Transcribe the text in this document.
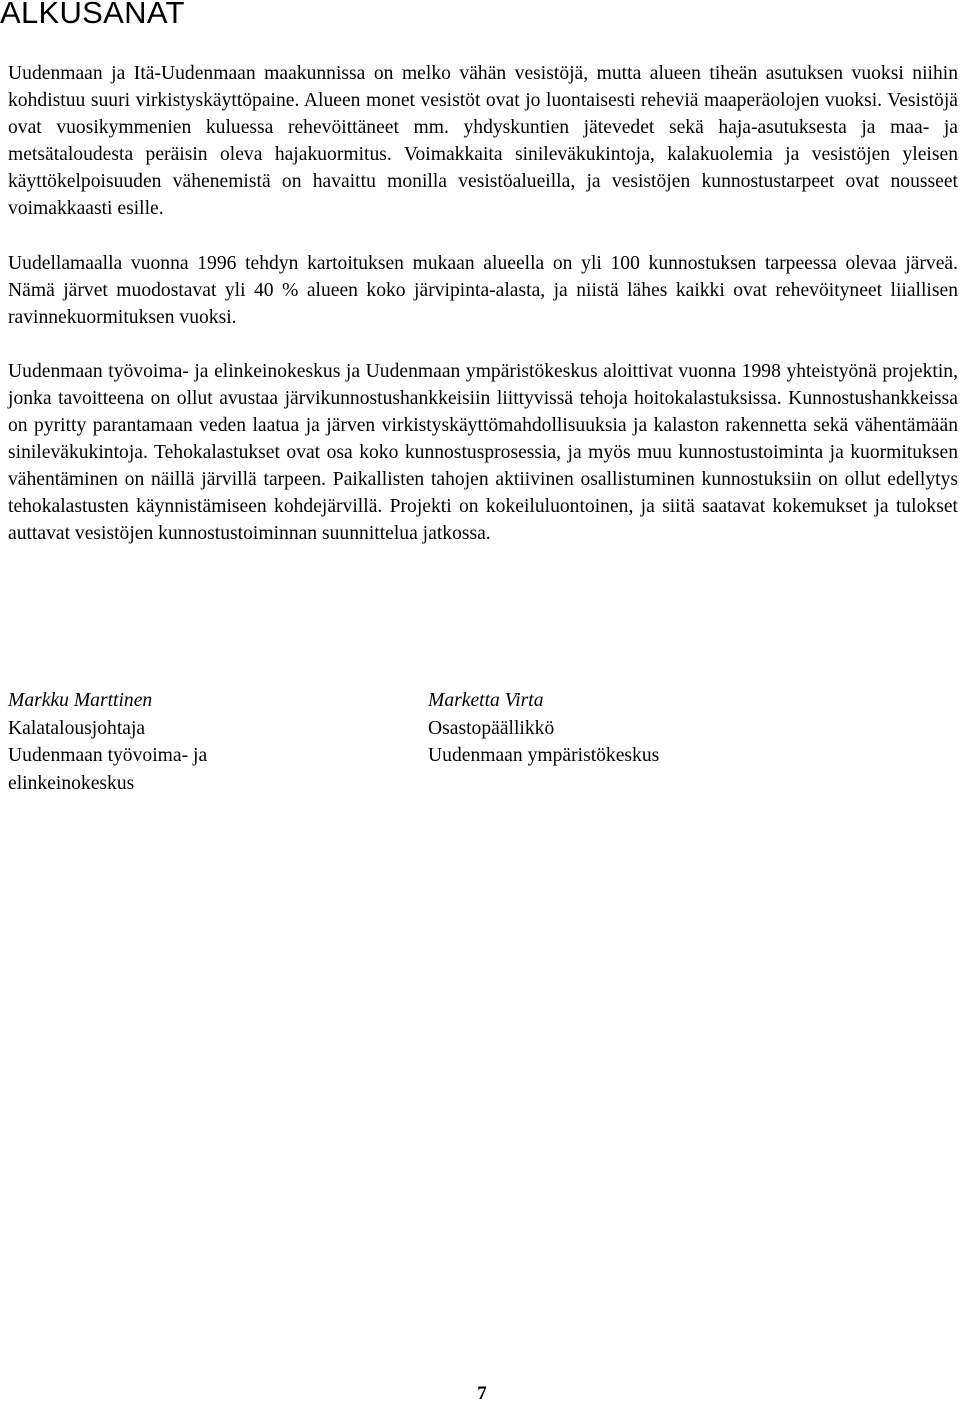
ALKUSANAT

Uudenmaan ja Itä-Uudenmaan maakunnissa on melko vähän vesistöjä, mutta alueen tiheän asutuksen vuoksi niihin kohdistuu suuri virkistyskäyttöpaine. Alueen monet vesistöt ovat jo luontaisesti reheviä maaperäolojen vuoksi. Vesistöjä ovat vuosikymmenien kuluessa rehevöittäneet mm. yhdyskuntien jätevedet sekä haja-asutuksesta ja maa- ja metsätaloudesta peräisin oleva hajakuormitus. Voimakkaita sinileväkukintoja, kalakuolemia ja vesistöjen yleisen käyttökelpoisuuden vähenemistä on havaittu monilla vesistöalueilla, ja vesistöjen kunnostustarpeet ovat nousseet voimakkaasti esille.

Uudellamaalla vuonna 1996 tehdyn kartoituksen mukaan alueella on yli 100 kunnostuksen tarpeessa olevaa järveä. Nämä järvet muodostavat yli 40 % alueen koko järvipinta-alasta, ja niistä lähes kaikki ovat rehevöityneet liiallisen ravinnekuormituksen vuoksi.

Uudenmaan työvoima- ja elinkeinokeskus ja Uudenmaan ympäristökeskus aloittivat vuonna 1998 yhteistyönä projektin, jonka tavoitteena on ollut avustaa järvikunnostushankkeisiin liittyvissä tehoja hoitokalastuksissa. Kunnostushankkeissa on pyritty parantamaan veden laatua ja järven virkistyskäyttömahdollisuuksia ja kalaston rakennetta sekä vähentämään sinileväkukintoja. Tehokalastukset ovat osa koko kunnostusprosessia, ja myös muu kunnostustoiminta ja kuormituksen vähentäminen on näillä järvillä tarpeen. Paikallisten tahojen aktiivinen osallistuminen kunnostuksiin on ollut edellytys tehokalastusten käynnistämiseen kohdejärvillä. Projekti on kokeiluluontoinen, ja siitä saatavat kokemukset ja tulokset auttavat vesistöjen kunnostustoiminnan suunnittelua jatkossa.

Markku Marttinen
Kalatalousjohtaja
Uudenmaan työvoima- ja
elinkeinokeskus
Marketta Virta
Osastopäällikkö
Uudenmaan ympäristökeskus
7
